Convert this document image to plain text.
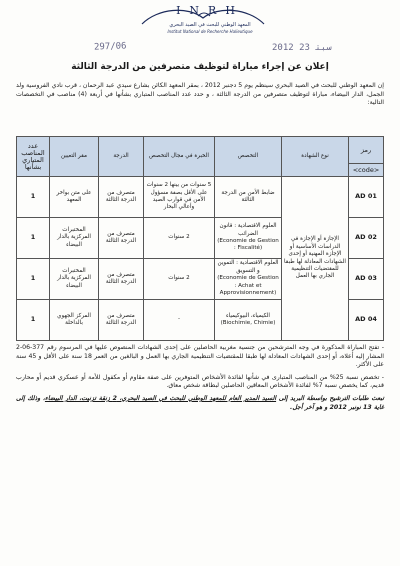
INRH
المعهد الوطني للبحث في الصيد البحري
Institut National de Recherche Halieutique
297/06	2012 ﺳﺒﺘ 23
إعلان عن إجراء مباراة لتوظيف متصرفين من الدرجة الثالثة
إن المعهد الوطني للبحث في الصيد البحري سينظم يوم 5 دجنبر 2012 ، بمقر المعهد الكائن بشارع سيدي عبد الرحمان ، قرب نادي الفروسية ولد الجمل، الدار البيضاء، مباراة لتوظيف متصرفين من الدرجة الثالثة ، و حدد عدد المناصب المتباري بشأنها في أربعة (4) مناصب في التخصصات التالية:
رمز	نوع الشهادة	التخصص	الخبرة في مجال التخصص	الدرجة	مقر التعيين	عدد المناصب المتباري بشأنها
<code>						
AD 01	الإجازة أو الإجازة في الدراسات الأساسية أو الإجازة المهنية أو إحدى الشهادات المعادلة لها طبقا للمقتضيات التنظيمية الجاري بها العمل	ضابط الأمن من الدرجة الثالثة	5 سنوات من بينها 2 سنوات على الأقل بصفة مسؤول الأمن في قوارب الصيد وأعالي البحار	متصرف من الدرجة الثالثة	على متن بواخر المعهد	1
AD 02		العلوم الاقتصادية : قانون الضرائب
(Economie de Gestion : Fiscalité)	2 سنوات	متصرف من الدرجة الثالثة	المختبرات المركزية بالدار البيضاء	1
AD 03		العلوم الاقتصادية : التموين و التسويق
(Economie de Gestion : Achat et Approvisionnement)	2 سنوات	متصرف من الدرجة الثالثة	المختبرات المركزية بالدار البيضاء	1
AD 04		الكيمياء، البيوكيمياء
(Biochimie, Chimie)	-	متصرف من الدرجة الثالثة	المركز الجهوي بالداخلة	1

- تفتح المباراة المذكورة في وجه المترشحين من جنسية مغربية الحاصلين على إحدى الشهادات المنصوص عليها في المرسوم رقم 377-06-2 المشار إليه أعلاه، أو إحدى الشهادات المعادلة لها طبقا للمقتضيات التنظيمية الجاري بها العمل و البالغين من العمر 18 سنة على الأقل و 45 سنة على الأكثر.

- تخصص نسبة 25% من المناصب المتبارى في شأنها لفائدة الأشخاص المتوفرين على صفة مقاوم أو مكفول للأمة أو عسكري قديم أو محارب قديم، كما يخصص نسبة 7% لفائدة الأشخاص المعاقين الحاصلين لبطاقة شخص معاق.

تبعث طلبات الترشيح بواسطة البريد إلى السيد المدير العام للمعهد الوطني للبحث في الصيد البحري، 2 زنقة تزنيت، الدار البيضاء، وذلك إلى غاية 13 نونبر 2012 و هو آخر أجل.
